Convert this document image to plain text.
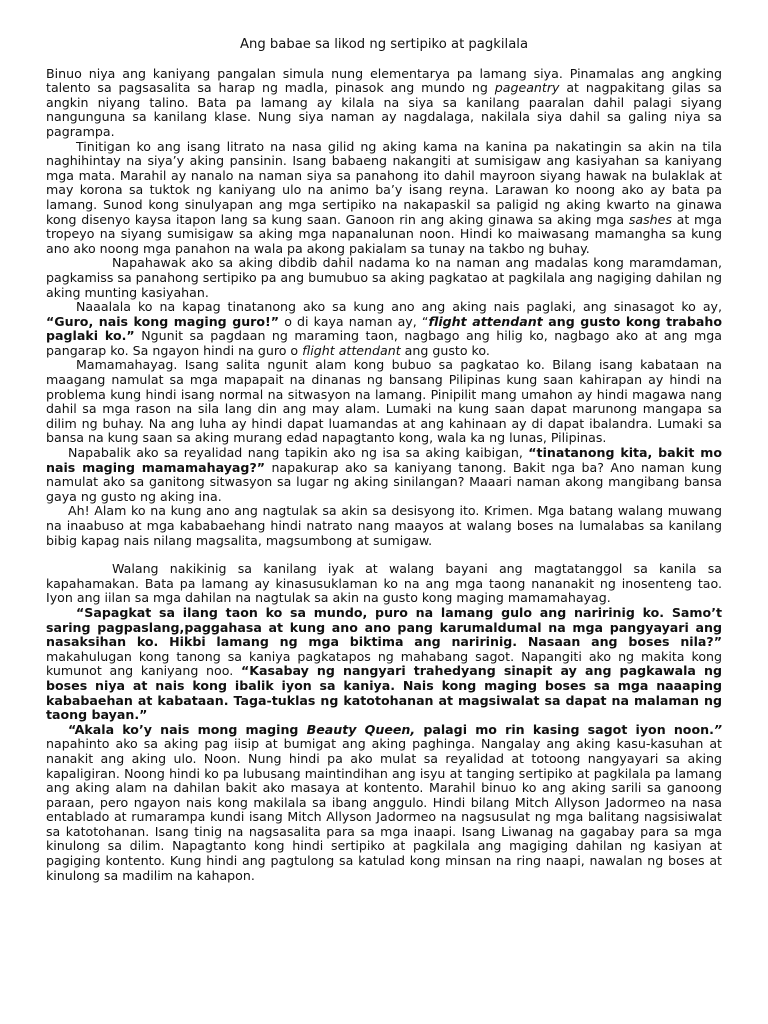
Ang babae sa likod ng sertipiko at pagkilala

Binuo niya ang kaniyang pangalan simula nung elementarya pa lamang siya. Pinamalas ang angking talento sa pagsasalita sa harap ng madla, pinasok ang mundo ng pageantry at nagpakitang gilas sa angkin niyang talino. Bata pa lamang ay kilala na siya sa kanilang paaralan dahil palagi siyang nangunguna sa kanilang klase. Nung siya naman ay nagdalaga, nakilala siya dahil sa galing niya sa pagrampa.

Tinitigan ko ang isang litrato na nasa gilid ng aking kama na kanina pa nakatingin sa akin na tila naghihintay na siya’y aking pansinin. Isang babaeng nakangiti at sumisigaw ang kasiyahan sa kaniyang mga mata. Marahil ay nanalo na naman siya sa panahong ito dahil mayroon siyang hawak na bulaklak at may korona sa tuktok ng kaniyang ulo na animo ba’y isang reyna. Larawan ko noong ako ay bata pa lamang. Sunod kong sinulyapan ang mga sertipiko na nakapaskil sa paligid ng aking kwarto na ginawa kong disenyo kaysa itapon lang sa kung saan. Ganoon rin ang aking ginawa sa aking mga sashes at mga tropeyo na siyang sumisigaw sa aking mga napanalunan noon. Hindi ko maiwasang mamangha sa kung ano ako noong mga panahon na wala pa akong pakialam sa tunay na takbo ng buhay.

Napahawak ako sa aking dibdib dahil nadama ko na naman ang madalas kong maramdaman, pagkamiss sa panahong sertipiko pa ang bumubuo sa aking pagkatao at pagkilala ang nagiging dahilan ng aking munting kasiyahan.

Naaalala ko na kapag tinatanong ako sa kung ano ang aking nais paglaki, ang sinasagot ko ay, “Guro, nais kong maging guro!” o di kaya naman ay, “flight attendant ang gusto kong trabaho paglaki ko.” Ngunit sa pagdaan ng maraming taon, nagbago ang hilig ko, nagbago ako at ang mga pangarap ko. Sa ngayon hindi na guro o flight attendant ang gusto ko.

Mamamahayag. Isang salita ngunit alam kong bubuo sa pagkatao ko. Bilang isang kabataan na maagang namulat sa mga mapapait na dinanas ng bansang Pilipinas kung saan kahirapan ay hindi na problema kung hindi isang normal na sitwasyon na lamang. Pinipilit mang umahon ay hindi magawa nang dahil sa mga rason na sila lang din ang may alam. Lumaki na kung saan dapat marunong mangapa sa dilim ng buhay. Na ang luha ay hindi dapat luamandas at ang kahinaan ay di dapat ibalandra. Lumaki sa bansa na kung saan sa aking murang edad napagtanto kong, wala ka ng lunas, Pilipinas.

Napabalik ako sa reyalidad nang tapikin ako ng isa sa aking kaibigan, “tinatanong kita, bakit mo nais maging mamamahayag?” napakurap ako sa kaniyang tanong. Bakit nga ba? Ano naman kung namulat ako sa ganitong sitwasyon sa lugar ng aking sinilangan? Maaari naman akong mangibang bansa gaya ng gusto ng aking ina.

Ah! Alam ko na kung ano ang nagtulak sa akin sa desisyong ito. Krimen. Mga batang walang muwang na inaabuso at mga kababaehang hindi natrato nang maayos at walang boses na lumalabas sa kanilang bibig kapag nais nilang magsalita, magsumbong at sumigaw.

Walang nakikinig sa kanilang iyak at walang bayani ang magtatanggol sa kanila sa kapahamakan. Bata pa lamang ay kinasusuklaman ko na ang mga taong nananakit ng inosenteng tao. Iyon ang iilan sa mga dahilan na nagtulak sa akin na gusto kong maging mamamahayag.

“Sapagkat sa ilang taon ko sa mundo, puro na lamang gulo ang naririnig ko. Samo’t saring pagpaslang,paggahasa at kung ano ano pang karumaldumal na mga pangyayari ang nasaksihan ko. Hikbi lamang ng mga biktima ang naririnig. Nasaan ang boses nila?” makahulugan kong tanong sa kaniya pagkatapos ng mahabang sagot. Napangiti ako ng makita kong kumunot ang kaniyang noo. “Kasabay ng nangyari trahedyang sinapit ay ang pagkawala ng boses niya at nais kong ibalik iyon sa kaniya. Nais kong maging boses sa mga naaaping kababaehan at kabataan. Taga-tuklas ng katotohanan at magsiwalat sa dapat na malaman ng taong bayan.”

“Akala ko’y nais mong maging Beauty Queen, palagi mo rin kasing sagot iyon noon.” napahinto ako sa aking pag iisip at bumigat ang aking paghinga. Nangalay ang aking kasu-kasuhan at nanakit ang aking ulo. Noon. Nung hindi pa ako mulat sa reyalidad at totoong nangyayari sa aking kapaligiran. Noong hindi ko pa lubusang maintindihan ang isyu at tanging sertipiko at pagkilala pa lamang ang aking alam na dahilan bakit ako masaya at kontento. Marahil binuo ko ang aking sarili sa ganoong paraan, pero ngayon nais kong makilala sa ibang anggulo. Hindi bilang Mitch Allyson Jadormeo na nasa entablado at rumarampa kundi isang Mitch Allyson Jadormeo na nagsusulat ng mga balitang nagsisiwalat sa katotohanan. Isang tinig na nagsasalita para sa mga inaapi. Isang Liwanag na gagabay para sa mga kinulong sa dilim. Napagtanto kong hindi sertipiko at pagkilala ang magiging dahilan ng kasiyan at pagiging kontento. Kung hindi ang pagtulong sa katulad kong minsan na ring naapi, nawalan ng boses at kinulong sa madilim na kahapon.
